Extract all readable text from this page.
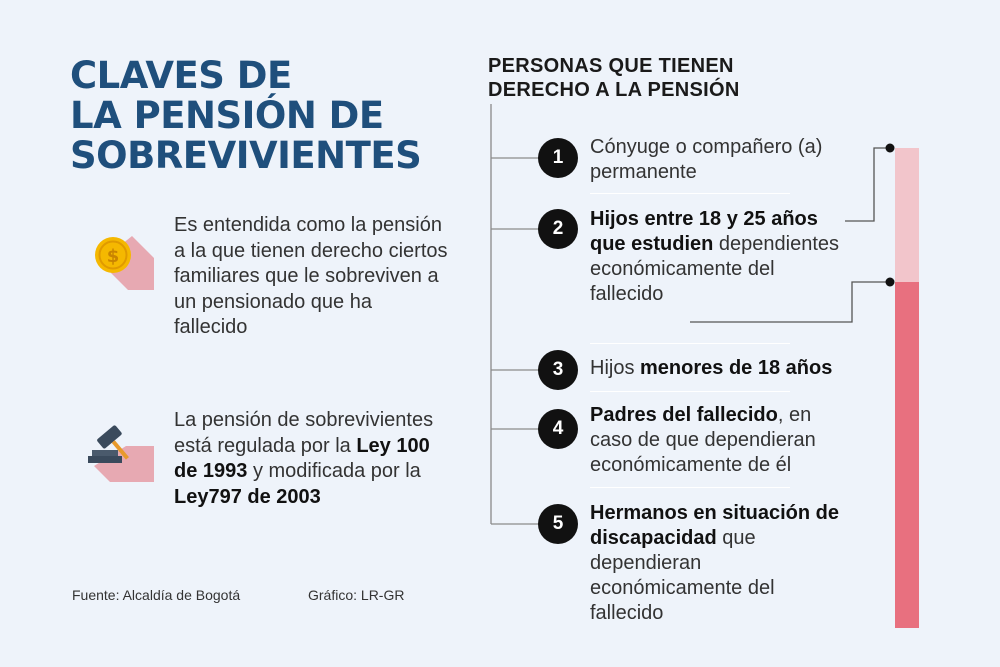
$
CLAVES DE
LA PENSIÓN DE
SOBREVIVIENTES
Es entendida como la pensión a la que tienen derecho ciertos familiares que le sobreviven a un pensionado que ha fallecido
La pensión de sobrevivientes está regulada por la Ley 100 de 1993 y modificada por la Ley797 de 2003
Fuente: Alcaldía de Bogotá	Gráfico: LR-GR
PERSONAS QUE TIENEN
DERECHO A LA PENSIÓN
1	Cónyuge o compañero (a) permanente
2	Hijos entre 18 y 25 años que estudien dependientes económicamente del fallecido
3	Hijos menores de 18 años
4
Padres del fallecido, en caso de que dependieran económicamente de él
5	Hermanos en situación de discapacidad que dependieran económicamente del fallecido
